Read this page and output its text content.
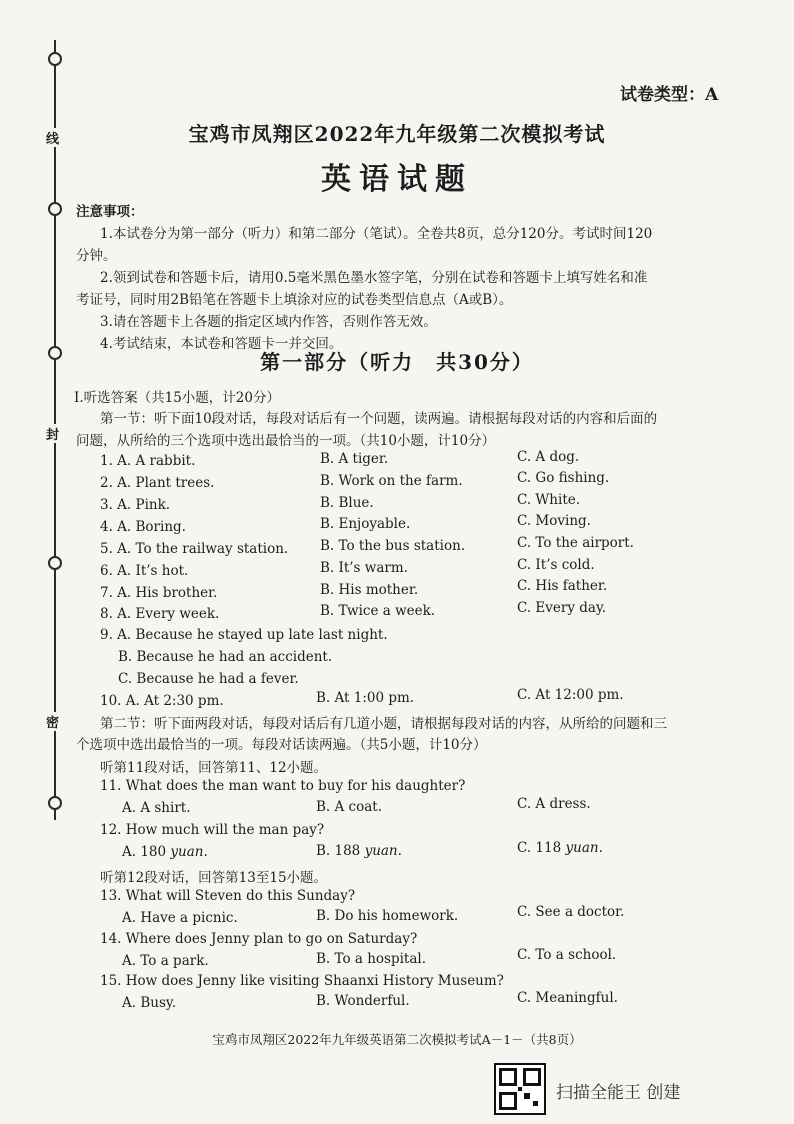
线
封
密
试卷类型：A
宝鸡市凤翔区2022年九年级第二次模拟考试
英语试题
注意事项：
1.本试卷分为第一部分（听力）和第二部分（笔试）。全卷共8页，总分120分。考试时间120
分钟。
2.领到试卷和答题卡后，请用0.5毫米黑色墨水签字笔，分别在试卷和答题卡上填写姓名和准
考证号，同时用2B铅笔在答题卡上填涂对应的试卷类型信息点（A或B）。
3.请在答题卡上各题的指定区域内作答，否则作答无效。
4.考试结束，本试卷和答题卡一并交回。
第一部分（听力　共30分）
Ⅰ.听选答案（共15小题，计20分）
第一节：听下面10段对话，每段对话后有一个问题，读两遍。请根据每段对话的内容和后面的
问题，从所给的三个选项中选出最恰当的一项。（共10小题，计10分）
1. A. A rabbit.	B. A tiger.	C. A dog.
2. A. Plant trees.	B. Work on the farm.	C. Go fishing.
3. A. Pink.	B. Blue.	C. White.
4. A. Boring.	B. Enjoyable.	C. Moving.
5. A. To the railway station. B. To the bus station.	C. To the airport.
6. A. It’s hot.	B. It’s warm.	C. It’s cold.
7. A. His brother.	B. His mother.	C. His father.
8. A. Every week.	B. Twice a week.	C. Every day.
9. A. Because he stayed up late last night.
B. Because he had an accident.
C. Because he had a fever.
10. A. At 2:30 pm.	B. At 1:00 pm.	C. At 12:00 pm.
第二节：听下面两段对话，每段对话后有几道小题，请根据每段对话的内容，从所给的问题和三
个选项中选出最恰当的一项。每段对话读两遍。（共5小题，计10分）
听第11段对话，回答第11、12小题。
11. What does the man want to buy for his daughter?
A. A shirt.	B. A coat.	C. A dress.
12. How much will the man pay?
A. 180 yuan.	B. 188 yuan.	C. 118 yuan.
听第12段对话，回答第13至15小题。
13. What will Steven do this Sunday?
A. Have a picnic.	B. Do his homework.	C. See a doctor.
14. Where does Jenny plan to go on Saturday?
A. To a park.	B. To a hospital.	C. To a school.
15. How does Jenny like visiting Shaanxi History Museum?
A. Busy.	B. Wonderful.	C. Meaningful.
宝鸡市凤翔区2022年九年级英语第二次模拟考试A－1－（共8页）
扫描全能王 创建
